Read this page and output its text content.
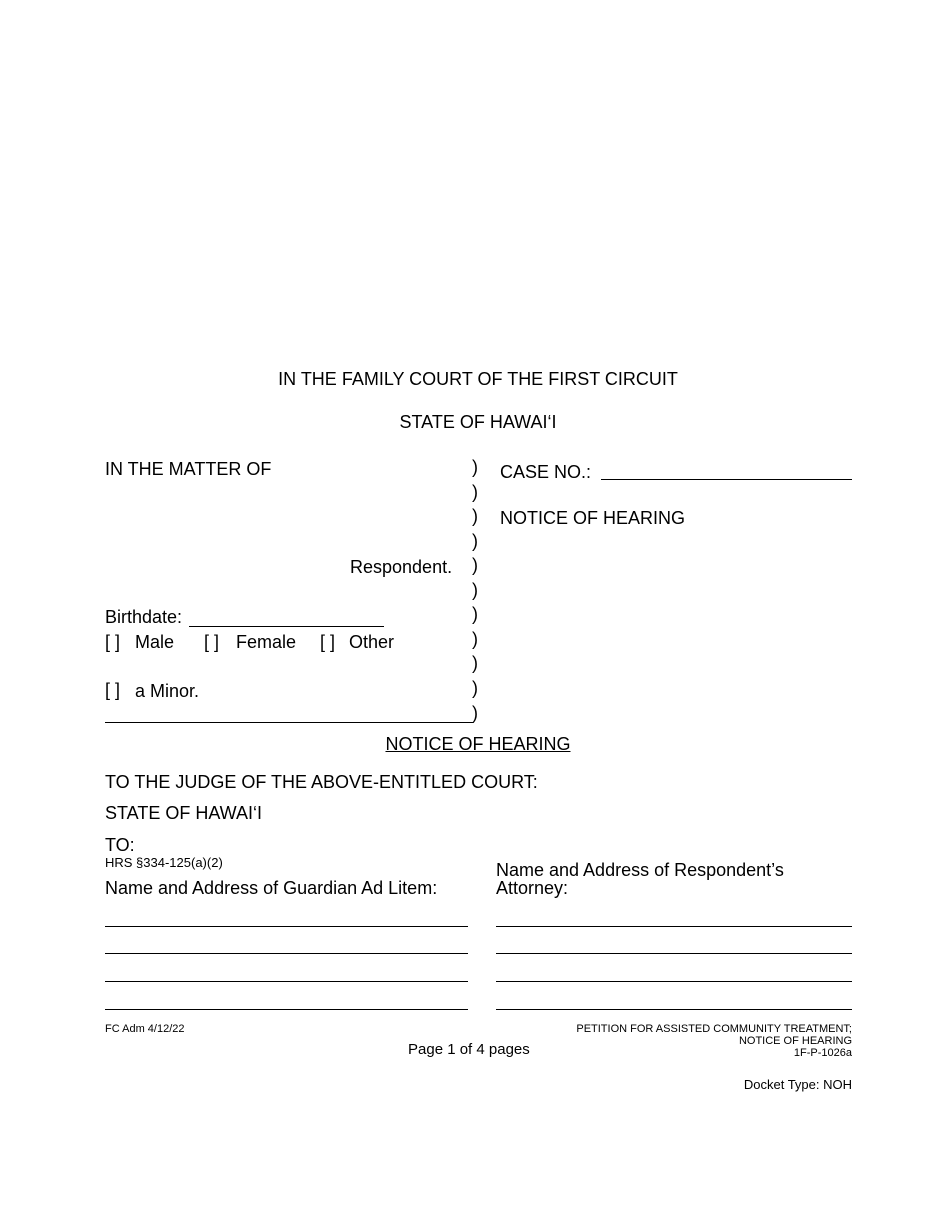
IN THE FAMILY COURT OF THE FIRST CIRCUIT
STATE OF HAWAI‘I
IN THE MATTER OF
Respondent.
Birthdate:
[ ] Male [ ] Female [ ] Other
[ ] a Minor.
)
)
)
)
)
)
)
)
)
)
)
CASE NO.:
NOTICE OF HEARING
NOTICE OF HEARING
TO THE JUDGE OF THE ABOVE-ENTITLED COURT:
STATE OF HAWAI‘I
TO:
HRS §334-125(a)(2)
Name and Address of Guardian Ad Litem:
Name and Address of Respondent’s
Attorney:
FC Adm 4/12/22
Page 1 of 4 pages
PETITION FOR ASSISTED COMMUNITY TREATMENT;
NOTICE OF HEARING
1F-P-1026a
Docket Type: NOH
